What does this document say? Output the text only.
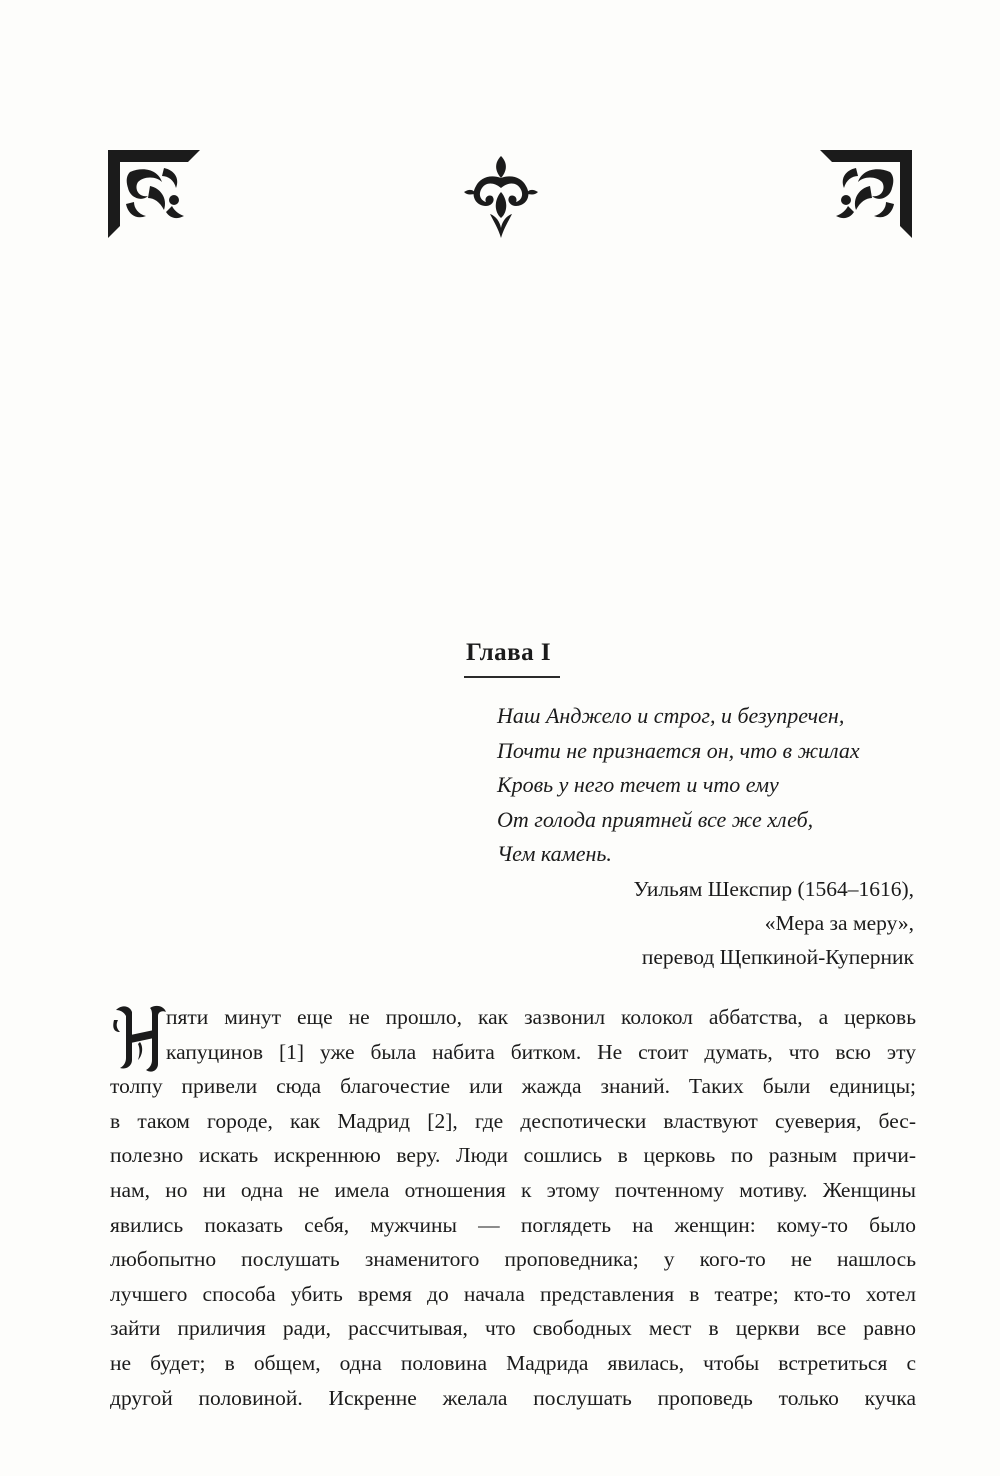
Глава I
Наш Анджело и строг, и безупречен,
Почти не признается он, что в жилах
Кровь у него течет и что ему
От голода приятней все же хлеб,
Чем камень.
Уильям Шекспир (1564–1616),
«Мера за меру»,
перевод Щепкиной-Куперник
Н
пяти минут еще не прошло, как зазвонил колокол аббатства, а церковь
капуцинов [1] уже была набита битком. Не стоит думать, что всю эту
толпу привели сюда благочестие или жажда знаний. Таких были единицы;
в таком городе, как Мадрид [2], где деспотически властвуют суеверия, бес-
полезно искать искреннюю веру. Люди сошлись в церковь по разным причи-
нам, но ни одна не имела отношения к этому почтенному мотиву. Женщины
явились показать себя, мужчины — поглядеть на женщин: кому-то было
любопытно послушать знаменитого проповедника; у кого-то не нашлось
лучшего способа убить время до начала представления в театре; кто-то хотел
зайти приличия ради, рассчитывая, что свободных мест в церкви все равно
не будет; в общем, одна половина Мадрида явилась, чтобы встретиться с
другой половиной. Искренне желала послушать проповедь только кучка
